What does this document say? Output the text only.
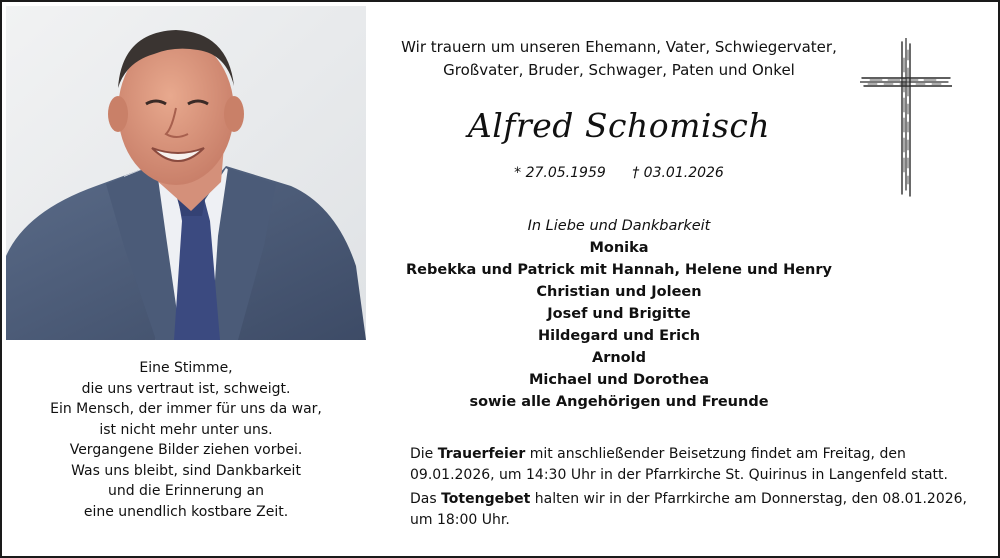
Eine Stimme,
die uns vertraut ist, schweigt.
Ein Mensch, der immer für uns da war,
ist nicht mehr unter uns.
Vergangene Bilder ziehen vorbei.
Was uns bleibt, sind Dankbarkeit
und die Erinnerung an
eine unendlich kostbare Zeit.
Wir trauern um unseren Ehemann, Vater, Schwiegervater,
Großvater, Bruder, Schwager, Paten und Onkel
Alfred Schomisch
* 27.05.1959 † 03.01.2026
In Liebe und Dankbarkeit
Monika
Rebekka und Patrick mit Hannah, Helene und Henry
Christian und Joleen
Josef und Brigitte
Hildegard und Erich
Arnold
Michael und Dorothea
sowie alle Angehörigen und Freunde

Die Trauerfeier mit anschließender Beisetzung findet am Freitag, den 09.01.2026, um 14:30 Uhr in der Pfarrkirche St. Quirinus in Langenfeld statt.

Das Totengebet halten wir in der Pfarrkirche am Donnerstag, den 08.01.2026, um 18:00 Uhr.
